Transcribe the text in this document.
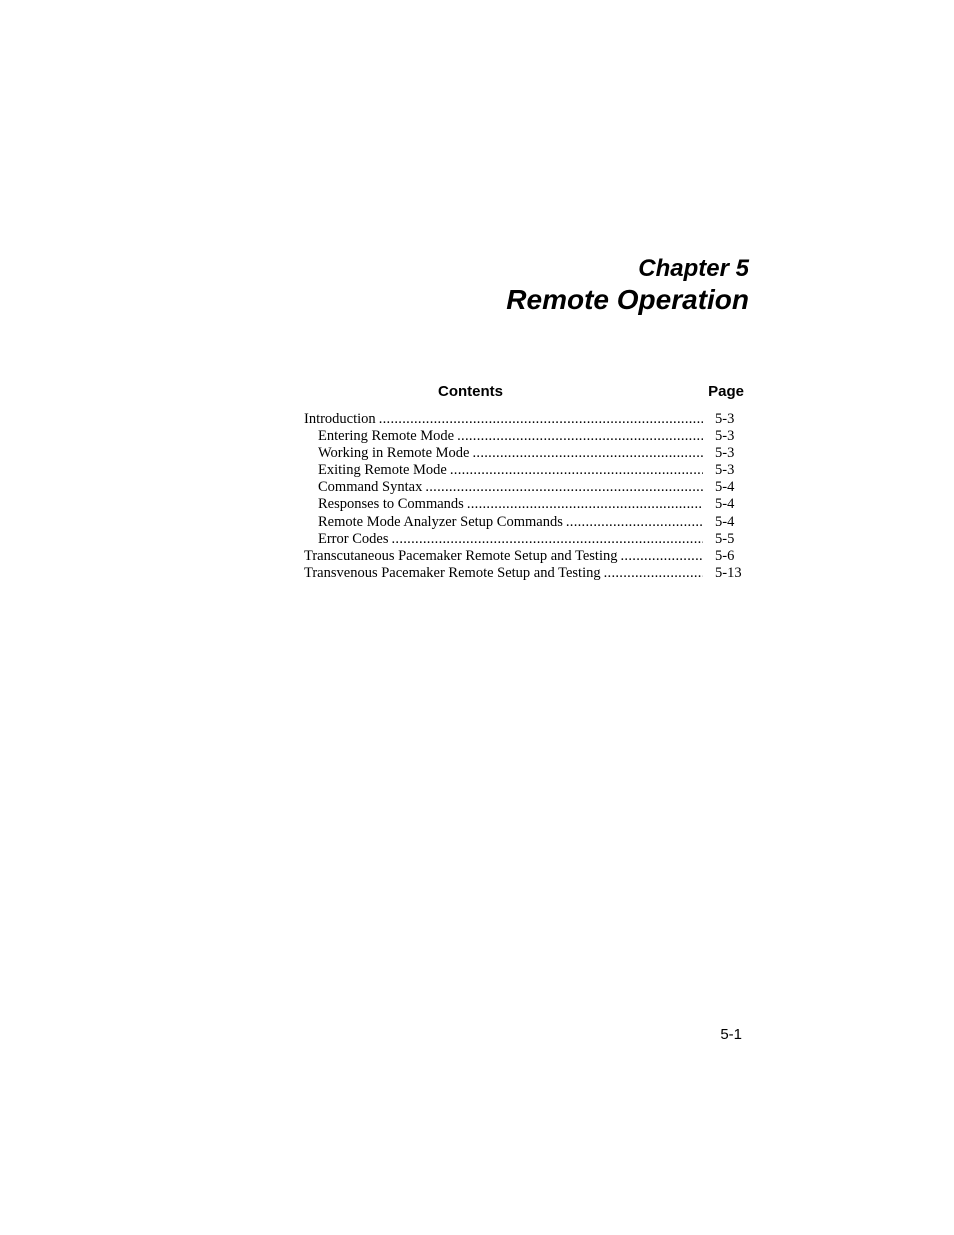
Chapter 5
Remote Operation
Contents	Page
Introduction .....	5-3
Entering Remote Mode .....	5-3
Working in Remote Mode .....	5-3
Exiting Remote Mode .....	5-3
Command Syntax .....	5-4
Responses to Commands .....	5-4
Remote Mode Analyzer Setup Commands .....	5-4
Error Codes .....	5-5
Transcutaneous Pacemaker Remote Setup and Testing .....	5-6
Transvenous Pacemaker Remote Setup and Testing .....	5-13
5-1
